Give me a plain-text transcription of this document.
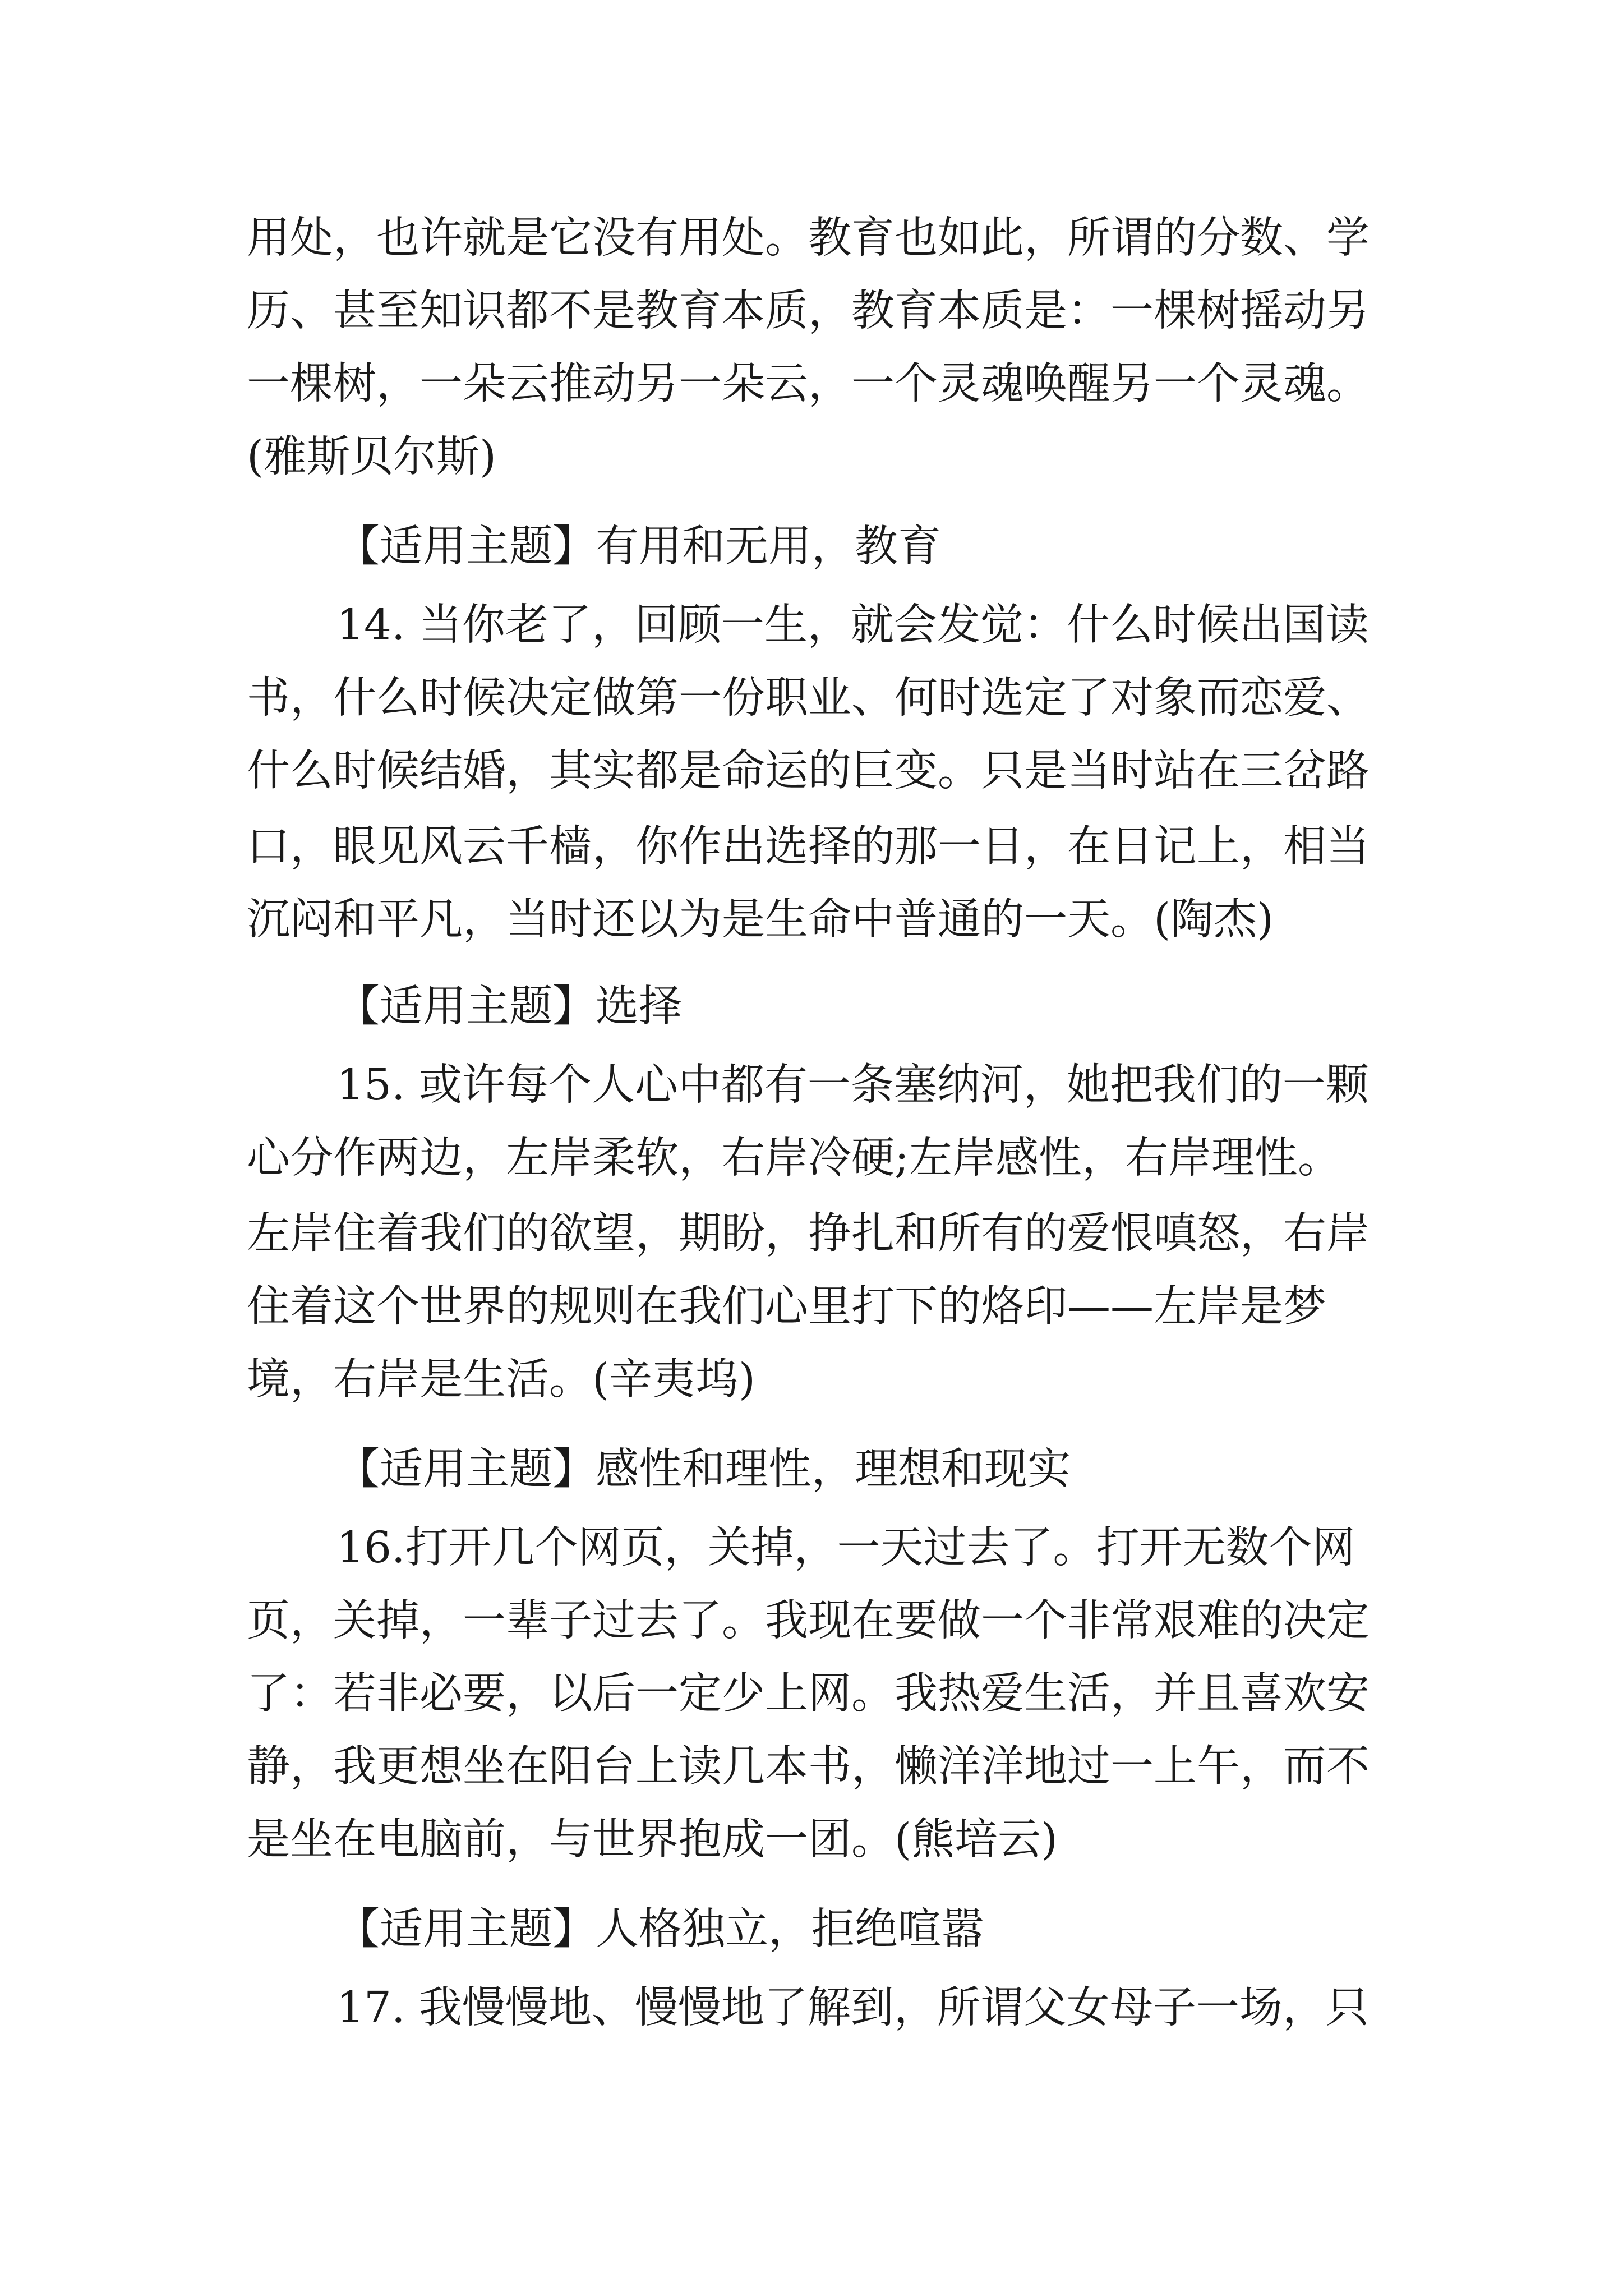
用处，也许就是它没有用处。教育也如此，所谓的分数、学
历、甚至知识都不是教育本质，教育本质是：一棵树摇动另
一棵树，一朵云推动另一朵云，一个灵魂唤醒另一个灵魂。
(雅斯贝尔斯)
【适用主题】有用和无用，教育
14. 当你老了，回顾一生，就会发觉：什么时候出国读
书，什么时候决定做第一份职业、何时选定了对象而恋爱、
什么时候结婚，其实都是命运的巨变。只是当时站在三岔路
口，眼见风云千樯，你作出选择的那一日，在日记上，相当
沉闷和平凡，当时还以为是生命中普通的一天。(陶杰)
【适用主题】选择
15. 或许每个人心中都有一条塞纳河，她把我们的一颗
心分作两边，左岸柔软，右岸冷硬;左岸感性，右岸理性。
左岸住着我们的欲望，期盼，挣扎和所有的爱恨嗔怒，右岸
住着这个世界的规则在我们心里打下的烙印——左岸是梦
境，右岸是生活。(辛夷坞)
【适用主题】感性和理性，理想和现实
16.打开几个网页，关掉，一天过去了。打开无数个网
页，关掉，一辈子过去了。我现在要做一个非常艰难的决定
了：若非必要，以后一定少上网。我热爱生活，并且喜欢安
静，我更想坐在阳台上读几本书，懒洋洋地过一上午，而不
是坐在电脑前，与世界抱成一团。(熊培云)
【适用主题】人格独立，拒绝喧嚣
17. 我慢慢地、慢慢地了解到，所谓父女母子一场，只
